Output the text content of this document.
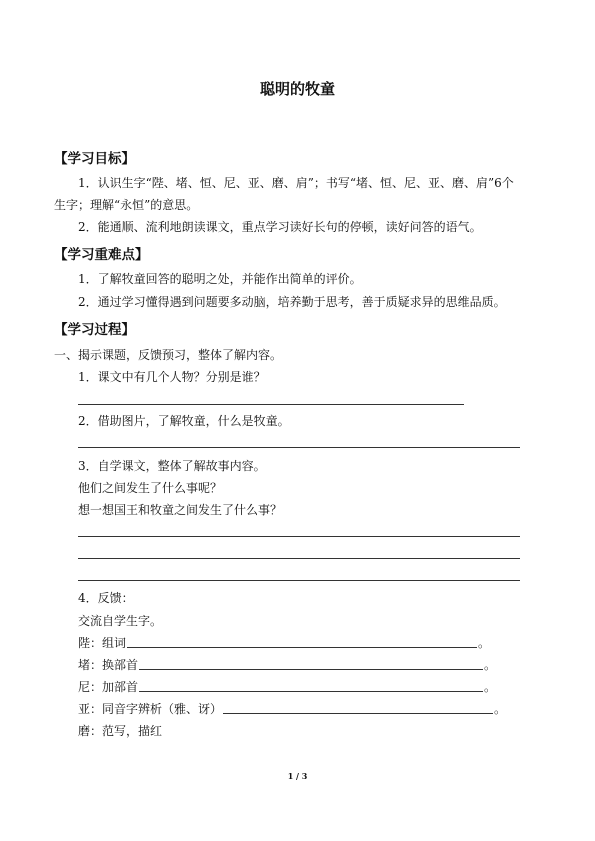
聪明的牧童
【学习目标】
1．认识生字“陛、堵、恒、尼、亚、磨、肩”；书写“堵、恒、尼、亚、磨、肩”6个
生字；理解“永恒”的意思。
2．能通顺、流利地朗读课文，重点学习读好长句的停顿，读好问答的语气。
【学习重难点】
1．了解牧童回答的聪明之处，并能作出简单的评价。
2．通过学习懂得遇到问题要多动脑，培养勤于思考，善于质疑求异的思维品质。
【学习过程】
一、揭示课题，反馈预习，整体了解内容。
1．课文中有几个人物？分别是谁？
2．借助图片，了解牧童，什么是牧童。
3．自学课文，整体了解故事内容。
他们之间发生了什么事呢？
想一想国王和牧童之间发生了什么事？
4．反馈：
交流自学生字。
陛：组词	。
堵：换部首	。
尼：加部首	。
亚：同音字辨析（雅、讶）	。
磨：范写，描红
1 / 3
